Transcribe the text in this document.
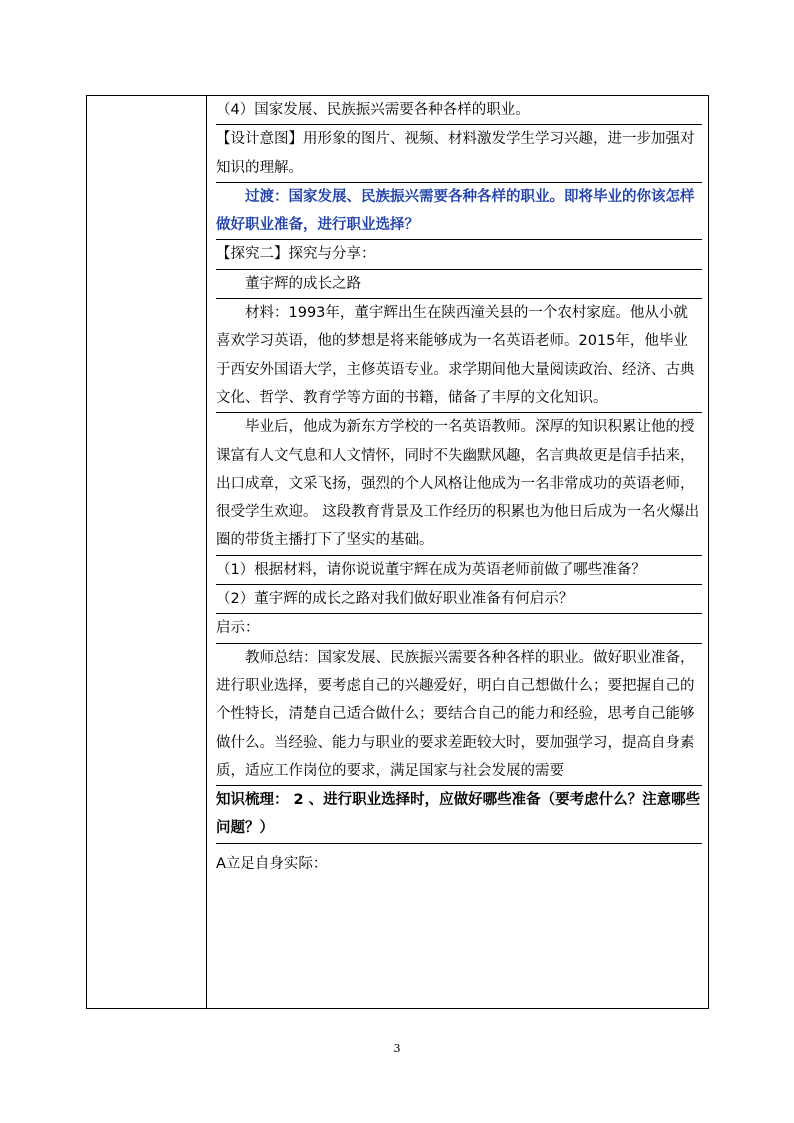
（4）国家发展、民族振兴需要各种各样的职业。

【设计意图】用形象的图片、视频、材料激发学生学习兴趣，进一步加强对知识的理解。

过渡：国家发展、民族振兴需要各种各样的职业。即将毕业的你该怎样做好职业准备，进行职业选择？

【探究二】探究与分享：

董宇辉的成长之路

材料：1993年，董宇辉出生在陕西潼关县的一个农村家庭。他从小就喜欢学习英语，他的梦想是将来能够成为一名英语老师。2015年，他毕业于西安外国语大学，主修英语专业。求学期间他大量阅读政治、经济、古典文化、哲学、教育学等方面的书籍，储备了丰厚的文化知识。

毕业后，他成为新东方学校的一名英语教师。深厚的知识积累让他的授课富有人文气息和人文情怀，同时不失幽默风趣，名言典故更是信手拈来，出口成章，文采飞扬，强烈的个人风格让他成为一名非常成功的英语老师，很受学生欢迎。 这段教育背景及工作经历的积累也为他日后成为一名火爆出圈的带货主播打下了坚实的基础。

（1）根据材料，请你说说董宇辉在成为英语老师前做了哪些准备？

（2）董宇辉的成长之路对我们做好职业准备有何启示？

启示：

教师总结：国家发展、民族振兴需要各种各样的职业。做好职业准备，进行职业选择，要考虑自己的兴趣爱好，明白自己想做什么；要把握自己的个性特长，清楚自己适合做什么；要结合自己的能力和经验，思考自己能够做什么。当经验、能力与职业的要求差距较大时，要加强学习，提高自身素质，适应工作岗位的要求，满足国家与社会发展的需要

知识梳理： 2 、进行职业选择时，应做好哪些准备（要考虑什么？注意哪些问题？）

A立足自身实际：

3
